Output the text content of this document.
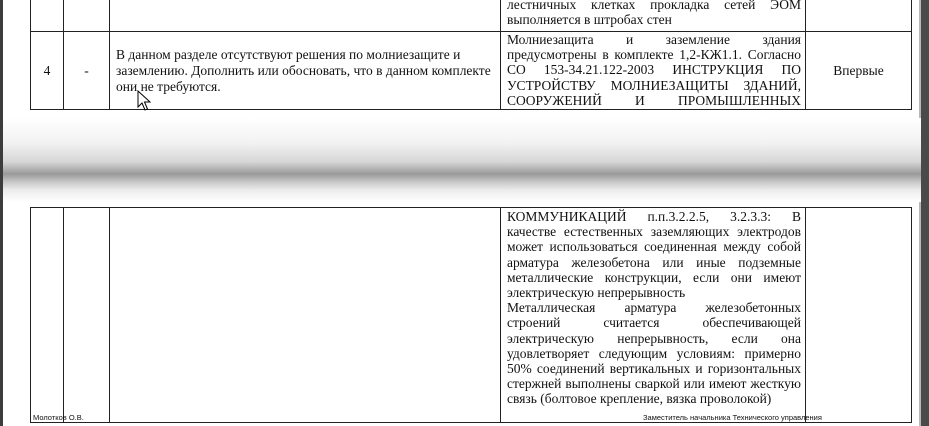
			лестничных клетках прокладка сетей ЭОМ

выполняется в штробах стен	

4	-	В данном разделе отсутствуют решения по молниезащите и заземлению. Дополнить или обосновать, что в данном комплекте они не требуются.	Молниезащита и заземление здания

предусмотрены в комплекте 1,2-КЖ1.1. Согласно

СО 153-34.21.122-2003 ИНСТРУКЦИЯ ПО

УСТРОЙСТВУ МОЛНИЕЗАЩИТЫ ЗДАНИЙ,

СООРУЖЕНИЙ И ПРОМЫШЛЕННЫХ	Впервые

КОММУНИКАЦИЙ п.п.3.2.2.5, 3.2.3.3: В

качестве естественных заземляющих электродов

может использоваться соединенная между собой

арматура железобетона или иные подземные

металлические конструкции, если они имеют

электрическую непрерывность

Металлическая арматура железобетонных

строений считается обеспечивающей

электрическую непрерывность, если она

удовлетворяет следующим условиям: примерно

50% соединений вертикальных и горизонтальных

стержней выполнены сваркой или имеют жесткую

связь (болтовое крепление, вязка проволокой)

Молотков О.В.	Заместитель начальника Технического управления
